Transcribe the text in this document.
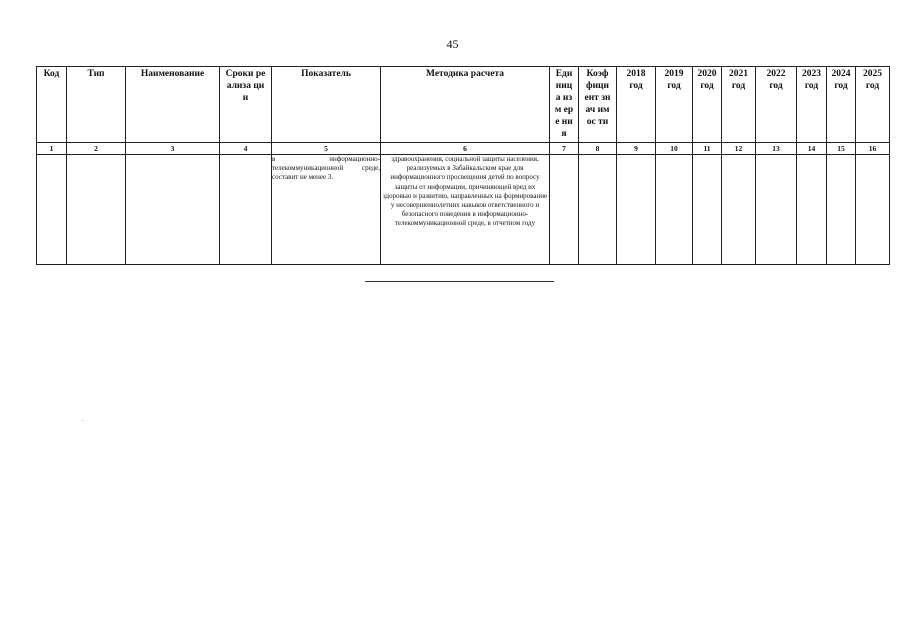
45
Код	Тип	Наименование	Сроки реализа ции	Показатель	Методика расчета	Еди ниц а изм ере ния	Коэф фици ент знач имос ти	2018 год	2019 год	2020 год	2021 год	2022 год	2023 год	2024 год	2025 год

1	2	3	4	5	6	7	8	9	10	11	12	13	14	15	16
				в информационно-телекоммуникационной среде, составит не менее 3.	здравоохранения, социальной защиты населения, реализуемых в Забайкальском крае для информационного просвещения детей по вопросу защиты от информации, причиняющей вред их здоровью и развитию, направленных на формирование у несовершеннолетних навыков ответственного и безопасного поведения в информационно-телекоммуникационной среде, в отчетном году										
